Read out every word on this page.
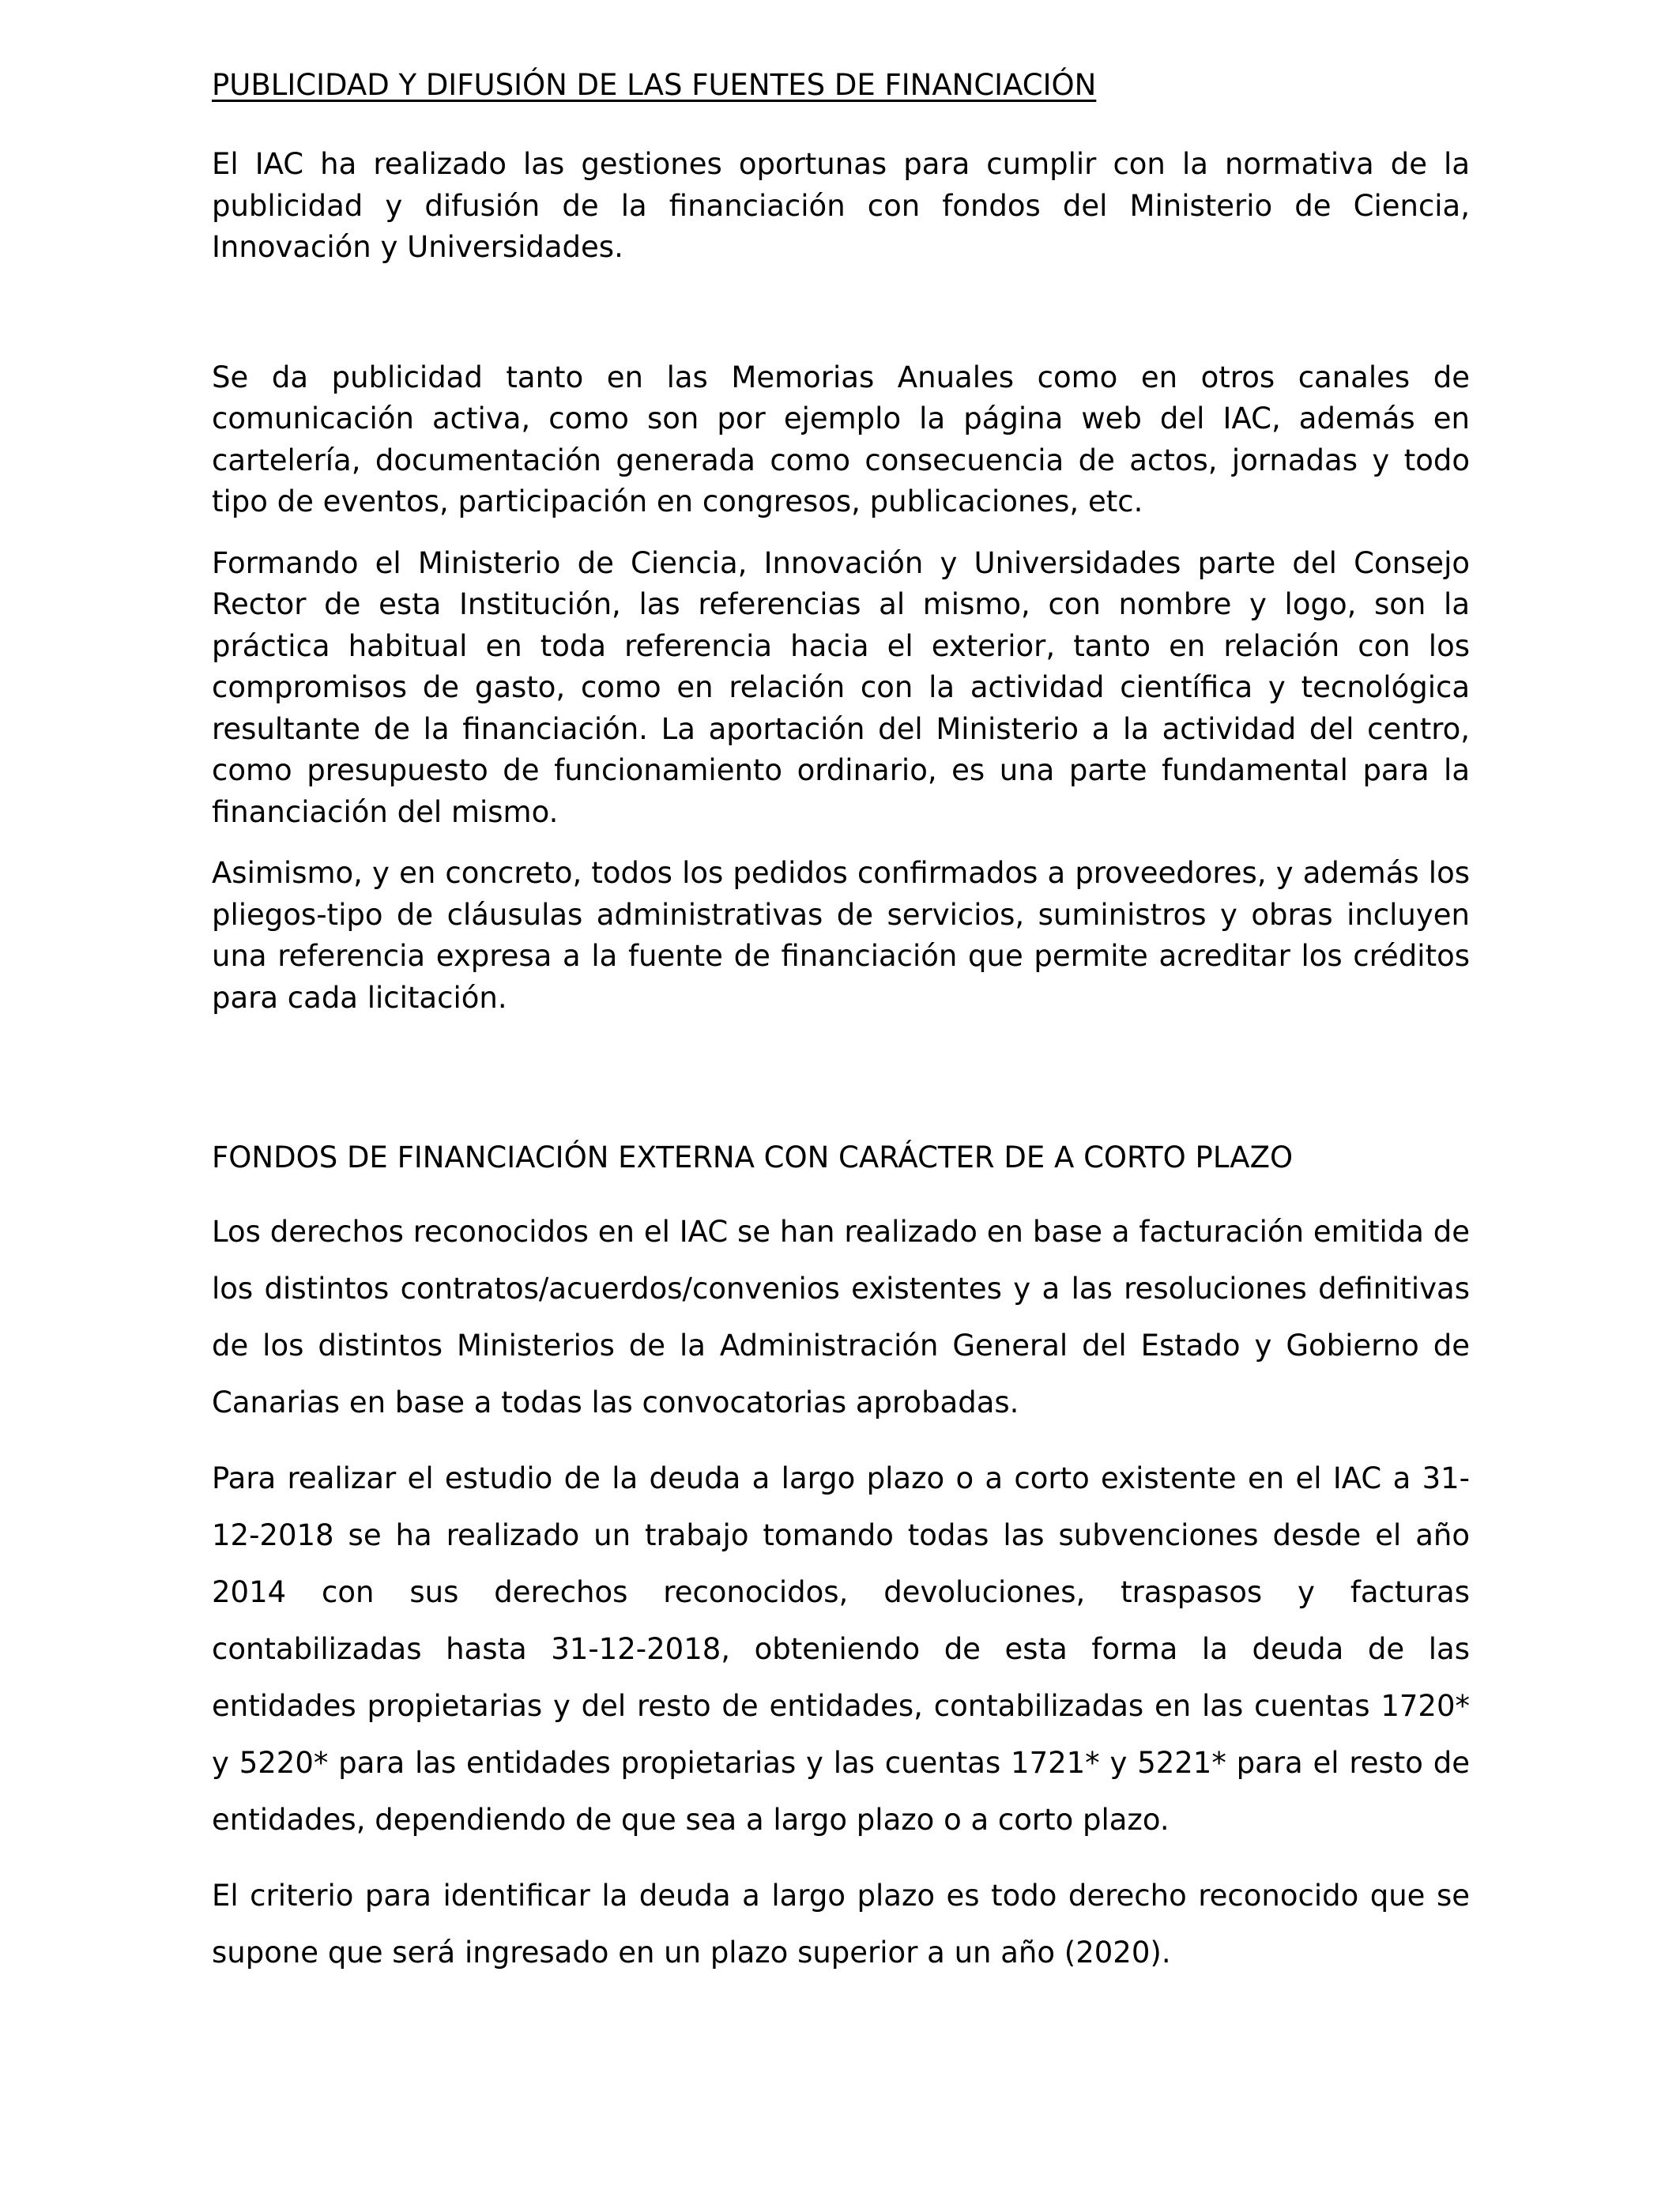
PUBLICIDAD Y DIFUSIÓN DE LAS FUENTES DE FINANCIACIÓN

El IAC ha realizado las gestiones oportunas para cumplir con la normativa de la publicidad y difusión de la financiación con fondos del Ministerio de Ciencia, Innovación y Universidades.

Se da publicidad tanto en las Memorias Anuales como en otros canales de comunicación activa, como son por ejemplo la página web del IAC, además en cartelería, documentación generada como consecuencia de actos, jornadas y todo tipo de eventos, participación en congresos, publicaciones, etc.

Formando el Ministerio de Ciencia, Innovación y Universidades parte del Consejo Rector de esta Institución, las referencias al mismo, con nombre y logo, son la práctica habitual en toda referencia hacia el exterior, tanto en relación con los compromisos de gasto, como en relación con la actividad científica y tecnológica resultante de la financiación. La aportación del Ministerio a la actividad del centro, como presupuesto de funcionamiento ordinario, es una parte fundamental para la financiación del mismo.

Asimismo, y en concreto, todos los pedidos confirmados a proveedores, y además los pliegos-tipo de cláusulas administrativas de servicios, suministros y obras incluyen una referencia expresa a la fuente de financiación que permite acreditar los créditos para cada licitación.

FONDOS DE FINANCIACIÓN EXTERNA CON CARÁCTER DE A CORTO PLAZO

Los derechos reconocidos en el IAC se han realizado en base a facturación emitida de los distintos contratos/acuerdos/convenios existentes y a las resoluciones definitivas de los distintos Ministerios de la Administración General del Estado y Gobierno de Canarias en base a todas las convocatorias aprobadas.

Para realizar el estudio de la deuda a largo plazo o a corto existente en el IAC a 31-12-2018 se ha realizado un trabajo tomando todas las subvenciones desde el año 2014 con sus derechos reconocidos, devoluciones, traspasos y facturas contabilizadas hasta 31-12-2018, obteniendo de esta forma la deuda de las entidades propietarias y del resto de entidades, contabilizadas en las cuentas 1720* y 5220* para las entidades propietarias y las cuentas 1721* y 5221* para el resto de entidades, dependiendo de que sea a largo plazo o a corto plazo.

El criterio para identificar la deuda a largo plazo es todo derecho reconocido que se supone que será ingresado en un plazo superior a un año (2020).
